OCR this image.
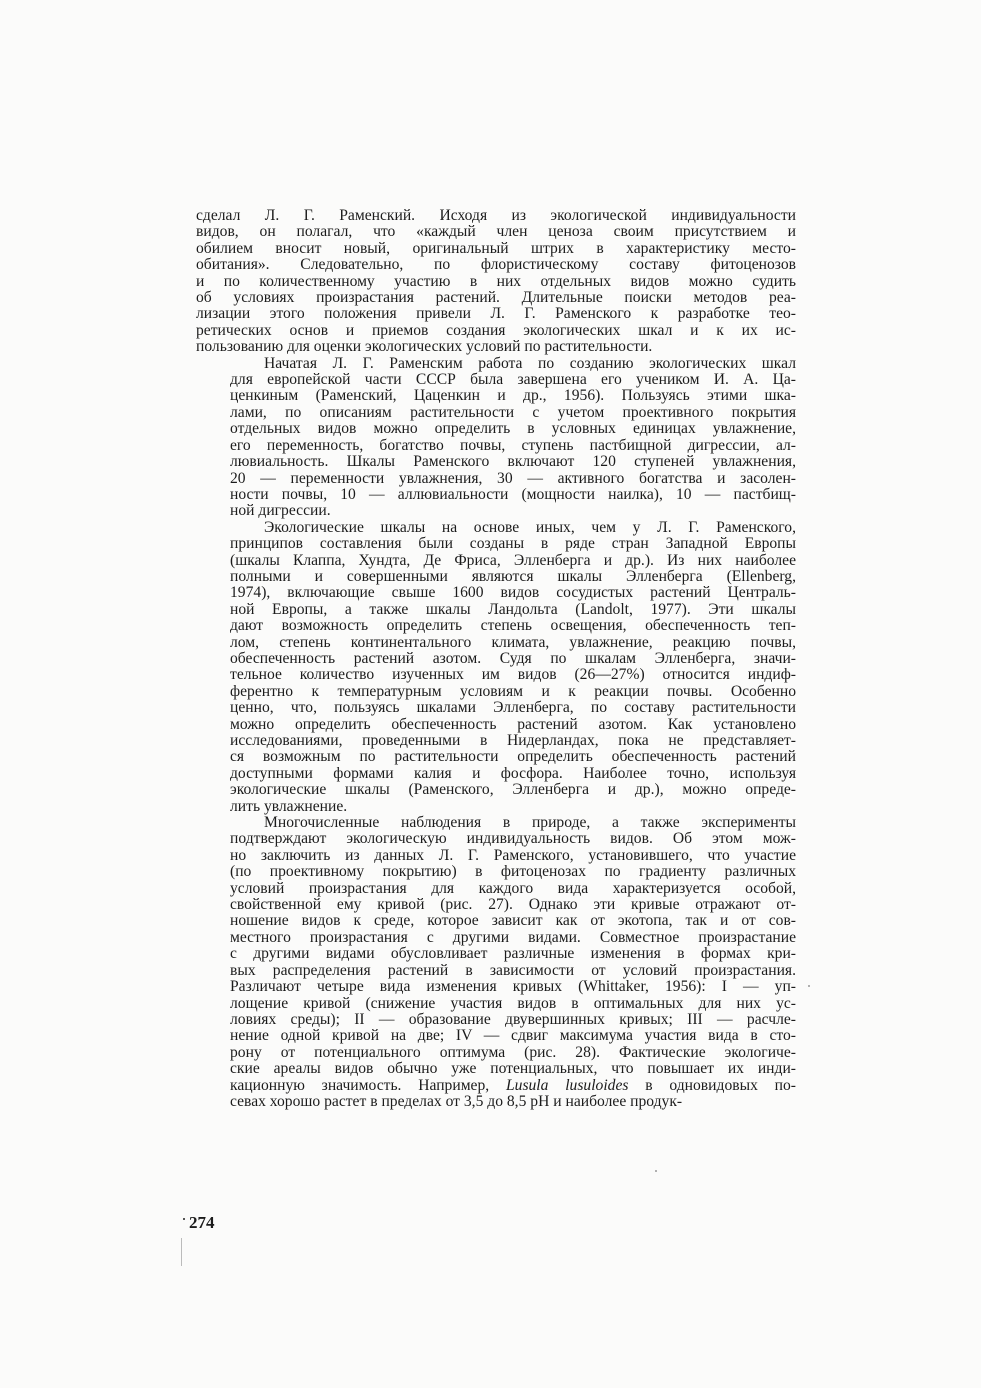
сделал Л. Г. Раменский. Исходя из экологической индивидуальности
видов, он полагал, что «каждый член ценоза своим присутствием и
обилием вносит новый, оригинальный штрих в характеристику место-
обитания». Следовательно, по флористическому составу фитоценозов
и по количественному участию в них отдельных видов можно судить
об условиях произрастания растений. Длительные поиски методов реа-
лизации этого положения привели Л. Г. Раменского к разработке тео-
ретических основ и приемов создания экологических шкал и к их ис-
пользованию для оценки экологических условий по растительности.
Начатая Л. Г. Раменским работа по созданию экологических шкал
для европейской части СССР была завершена его учеником И. А. Ца-
ценкиным (Раменский, Цаценкин и др., 1956). Пользуясь этими шка-
лами, по описаниям растительности с учетом проективного покрытия
отдельных видов можно определить в условных единицах увлажнение,
его переменность, богатство почвы, ступень пастбищной дигрессии, ал-
лювиальность. Шкалы Раменского включают 120 ступеней увлажнения,
20 — переменности увлажнения, 30 — активного богатства и засолен-
ности почвы, 10 — аллювиальности (мощности наилка), 10 — пастбищ-
ной дигрессии.
Экологические шкалы на основе иных, чем у Л. Г. Раменского,
принципов составления были созданы в ряде стран Западной Европы
(шкалы Клаппа, Хундта, Де Фриса, Элленберга и др.). Из них наиболее
полными и совершенными являются шкалы Элленберга (Ellenberg,
1974), включающие свыше 1600 видов сосудистых растений Централь-
ной Европы, а также шкалы Ландольта (Landolt, 1977). Эти шкалы
дают возможность определить степень освещения, обеспеченность теп-
лом, степень континентального климата, увлажнение, реакцию почвы,
обеспеченность растений азотом. Судя по шкалам Элленберга, значи-
тельное количество изученных им видов (26—27%) относится индиф-
ферентно к температурным условиям и к реакции почвы. Особенно
ценно, что, пользуясь шкалами Элленберга, по составу растительности
можно определить обеспеченность растений азотом. Как установлено
исследованиями, проведенными в Нидерландах, пока не представляет-
ся возможным по растительности определить обеспеченность растений
доступными формами калия и фосфора. Наиболее точно, используя
экологические шкалы (Раменского, Элленберга и др.), можно опреде-
лить увлажнение.
Многочисленные наблюдения в природе, а также эксперименты
подтверждают экологическую индивидуальность видов. Об этом мож-
но заключить из данных Л. Г. Раменского, установившего, что участие
(по проективному покрытию) в фитоценозах по градиенту различных
условий произрастания для каждого вида характеризуется особой,
свойственной ему кривой (рис. 27). Однако эти кривые отражают от-
ношение видов к среде, которое зависит как от экотопа, так и от сов-
местного произрастания с другими видами. Совместное произрастание
с другими видами обусловливает различные изменения в формах кри-
вых распределения растений в зависимости от условий произрастания.
Различают четыре вида изменения кривых (Whittaker, 1956): I — уп-
лощение кривой (снижение участия видов в оптимальных для них ус-
ловиях среды); II — образование двувершинных кривых; III — расчле-
нение одной кривой на две; IV — сдвиг максимума участия вида в сто-
рону от потенциального оптимума (рис. 28). Фактические экологиче-
ские ареалы видов обычно у́же потенциальных, что повышает их инди-
кационную значимость. Например, Lusula lusuloides в одновидовых по-
севах хорошо растет в пределах от 3,5 до 8,5 pH и наиболее продук-
274
